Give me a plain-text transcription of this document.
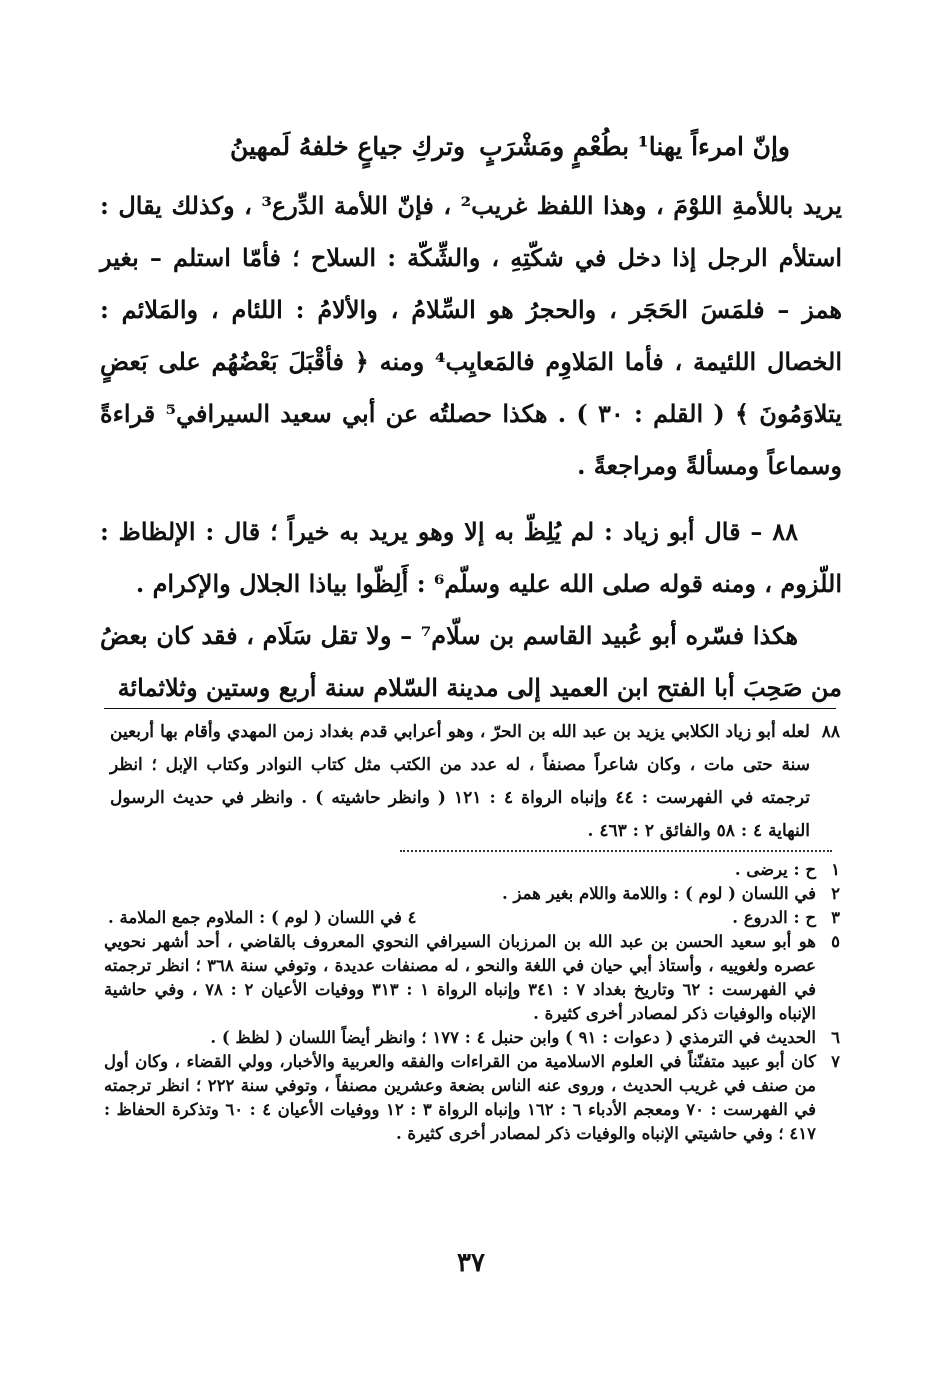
وإنّ امرءاً يهنا¹ بطُعْمٍ ومَشْرَبٍ
وتركِ جياعٍ خلفهُ لَمهينُ

يريد باللأمةِ اللوْمَ ، وهذا اللفظ غريب² ، فإنّ اللأمة الدِّرع³ ، وكذلك يقال : استلأم الرجل إذا دخل في شكّتِهِ ، والشِّكّة : السلاح ؛ فأمّا استلم – بغير همز – فلمَسَ الحَجَر ، والحجرُ هو السِّلامُ ، والألامُ : اللئام ، والمَلائم : الخصال اللئيمة ، فأما المَلاوِم فالمَعايِب⁴ ومنه ﴿ فأقْبَلَ بَعْضُهُم على بَعضٍ يتلاوَمُونَ ﴾ ( القلم : ٣٠ ) . هكذا حصلتُه عن أبي سعيد السيرافي⁵ قراءةً وسماعاً ومسألةً ومراجعةً .

٨٨ – قال أبو زياد : لم يُلِظّ به إلا وهو يريد به خيراً ؛ قال : الإلظاظ : اللّزوم ، ومنه قوله صلى الله عليه وسلّم⁶ : أَلِظّوا بياذا الجلال والإكرام .

هكذا فسّره أبو عُبيد القاسم بن سلّام⁷ – ولا تقل سَلَام ، فقد كان بعضُ من صَحِبَ أبا الفتح ابن العميد إلى مدينة السّلام سنة أربع وستين وثلاثمائة

٨٨لعله أبو زياد الكلابي يزيد بن عبد الله بن الحرّ ، وهو أعرابي قدم بغداد زمن المهدي وأقام بها أربعين سنة حتى مات ، وكان شاعراً مصنفاً ، له عدد من الكتب مثل كتاب النوادر وكتاب الإبل ؛ انظر ترجمته في الفهرست : ٤٤ وإنباه الرواة ٤ : ١٢١ ( وانظر حاشيته ) . وانظر في حديث الرسول النهاية ٤ : ٥٨ والفائق ٢ : ٤٦٣ .
١
ح : يرضى .
٢
في اللسان ( لوم ) : واللامة واللام بغير همز .
٣
ح : الدروع .
٤ في اللسان ( لوم ) : الملاوم جمع الملامة .
٥
هو أبو سعيد الحسن بن عبد الله بن المرزبان السيرافي النحوي المعروف بالقاضي ، أحد أشهر نحويي عصره ولغوييه ، وأستاذ أبي حيان في اللغة والنحو ، له مصنفات عديدة ، وتوفي سنة ٣٦٨ ؛ انظر ترجمته في الفهرست : ٦٢ وتاريخ بغداد ٧ : ٣٤١ وإنباه الرواة ١ : ٣١٣ ووفيات الأعيان ٢ : ٧٨ ، وفي حاشية الإنباه والوفيات ذكر لمصادر أخرى كثيرة .
٦
الحديث في الترمذي ( دعوات : ٩١ ) وابن حنبل ٤ : ١٧٧ ؛ وانظر أيضاً اللسان ( لظظ ) .
٧
كان أبو عبيد متفنّناً في العلوم الاسلامية من القراءات والفقه والعربية والأخبار، وولي القضاء ، وكان أول من صنف في غريب الحديث ، وروى عنه الناس بضعة وعشرين مصنفاً ، وتوفي سنة ٢٢٢ ؛ انظر ترجمته في الفهرست : ٧٠ ومعجم الأدباء ٦ : ١٦٢ وإنباه الرواة ٣ : ١٢ ووفيات الأعيان ٤ : ٦٠ وتذكرة الحفاظ : ٤١٧ ؛ وفي حاشيتي الإنباه والوفيات ذكر لمصادر أخرى كثيرة .
٣٧
